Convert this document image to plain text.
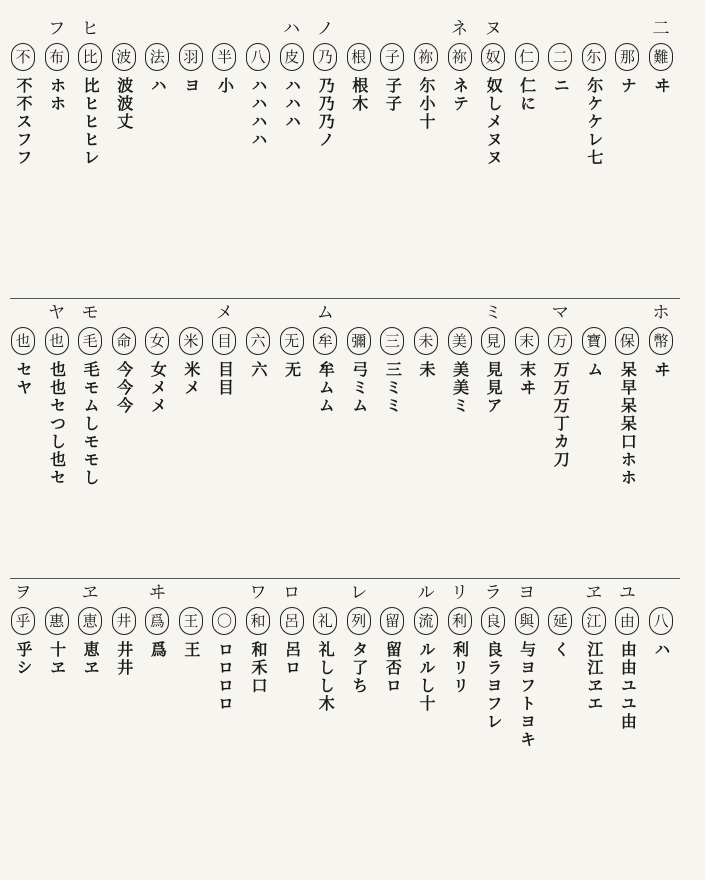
二
難
ヰ
那
ナ
尓
尓ケケレ七
二
ニ
仁
仁に
ヌ
奴
奴しメヌヌ
ネ
祢
ネテ
祢
尓小十
子
子子
根
根木
ノ
乃
乃乃乃ノ
ハ
皮
ハハハ
八
ハハハハ
半
小
羽
ヨ
法
ハ
波
波波丈
ヒ
比
比ヒヒヒレ
フ
布
ホホ
不
不不スフフ
ホ
幣
ヰ
保
呆早呆呆口ホホ
寶
ム
マ
万
万万万丁カ刀
末
末ヰ
ミ
見
見見ア
美
美美ミ
未
未
三
三ミミ
彌
弓ミム
ム
牟
牟ムム
无
无
六
六
メ
目
目目
米
米メ
女
女メメ
命
今今今
モ
毛
毛モムしモモし
ヤ
也
也也セつし也セ
也
セヤ
八
ハ
ユ
由
由由ユユ由
ヱ
江
江江ヱエ
延
く
ヨ
與
与ヨフトヨキ
ラ
良
良ラヨフレ
リ
利
利リリ
ル
流
ルルし十
留
留否ロ
レ
列
タ了ち
礼
礼しし木
ロ
呂
呂ロ
ワ
和
和禾口
〇
ロロロロ
王
王
ヰ
爲
爲
井
井井
ヱ
恵
恵ヱ
惠
十ヱ
ヲ
乎
乎シ
